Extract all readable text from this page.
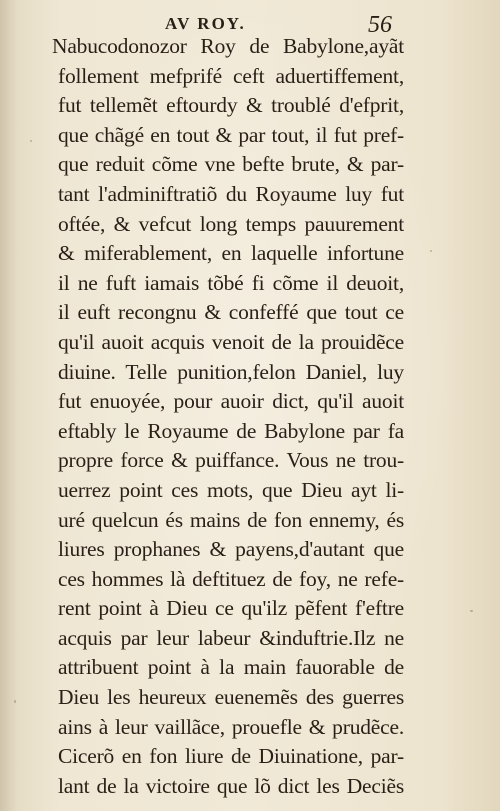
AV ROY.	56
Nabucodonozor Roy de Babylone,ayãt
follement mefprifé ceft aduertiffement,
fut tellemẽt eftourdy & troublé d'efprit,
que chãgé en tout & par tout, il fut pref-
que reduit cõme vne befte brute, & par-
tant l'adminiftratiõ du Royaume luy fut
oftée, & vefcut long temps pauurement
& miferablement, en laquelle infortune
il ne fuft iamais tõbé fi cõme il deuoit,
il euft recongnu & confeffé que tout ce
qu'il auoit acquis venoit de la prouidẽce
diuine. Telle punition,felon Daniel, luy
fut enuoyée, pour auoir dict, qu'il auoit
eftably le Royaume de Babylone par fa
propre force & puiffance. Vous ne trou-
uerrez point ces mots, que Dieu ayt li-
uré quelcun és mains de fon ennemy, és
liures prophanes & payens,d'autant que
ces hommes là deftituez de foy, ne refe-
rent point à Dieu ce qu'ilz pẽfent f'eftre
acquis par leur labeur &induftrie.Ilz ne
attribuent point à la main fauorable de
Dieu les heureux euenemẽs des guerres
ains à leur vaillãce, prouefle & prudẽce.
Cicerõ en fon liure de Diuinatione, par-
lant de la victoire que lõ dict les Deciẽs
